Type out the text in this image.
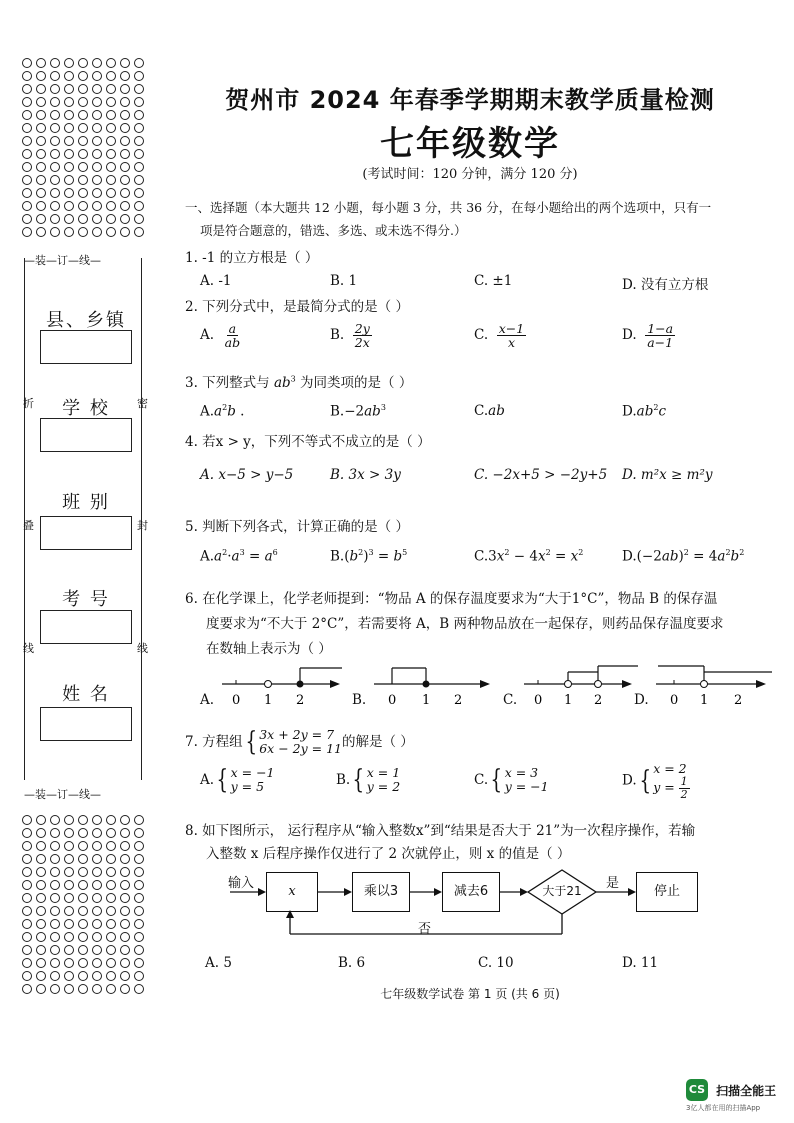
—装—订—线—
折
叠
线
密
封
线
县、乡镇
学 校
班 别
考 号
姓 名
—装—订—线—
贺州市 2024 年春季学期期末教学质量检测
七年级数学
(考试时间：120 分钟，满分 120 分)
一、选择题（本大题共 12 小题，每小题 3 分，共 36 分，在每小题给出的两个选项中，只有一
项是符合题意的，错选、多选、或未选不得分.）
1. -1 的立方根是（ ）
A. -1	B. 1	C. ±1	D. 没有立方根
2. 下列分式中，是最简分式的是（ ）
A. $\frac{a}{ab}$	B. $\frac{2y}{2x}$	C. $\frac{x-1}{x}$	D. $\frac{1-a}{a-1}$
3. 下列整式与 $ab^3$ 为同类项的是（ ）
$A.a^2b$ .	$B.-2ab^3$	C.ab	$D.ab^2c$
4. 若x > y，下列不等式不成立的是（ ）
A. x−5 > y−5	B. 3x > 3y	C. −2x+5 > −2y+5 D. m²x ≥ m²y
5. 判断下列各式，计算正确的是（ ）
$A.a^2\cdot a^3 = a^6$	$B.(b^2)^3 = b^5$	$C.3x^2 - 4x^2 = x^2$	$D.(-2ab)^2 = 4a^2b^2$
6. 在化学课上，化学老师提到：“物品 A 的保存温度要求为“大于1°C”，物品 B 的保存温
度要求为“不大于 2°C”，若需要将 A，B 两种物品放在一起保存，则药品保存温度要求
在数轴上表示为（ ）
A.	B.	C.	D.
0 1 2	0 1 2	0 1 2	0 1 2
7. 方程组{ 3x + 2y = 7
6x − 2y = 11 的解是（ ）
A.{ x = −1
y = 5	B.{ x = 1
y = 2	C.{ x = 3
y = −1	D.{ x = 2
$y = \frac{1}{2}$
8. 如下图所示， 运行程序从“输入整数x”到“结果是否大于 21”为一次程序操作，若输
入整数 x 后程序操作仅进行了 2 次就停止，则 x 的值是（ ）
输入
x	乘以3	减去6	大于21	是
停止
否
A. 5	B. 6	C. 10	D. 11
七年级数学试卷 第 1 页 (共 6 页)
CS 扫描全能王
3亿人都在用的扫描App
